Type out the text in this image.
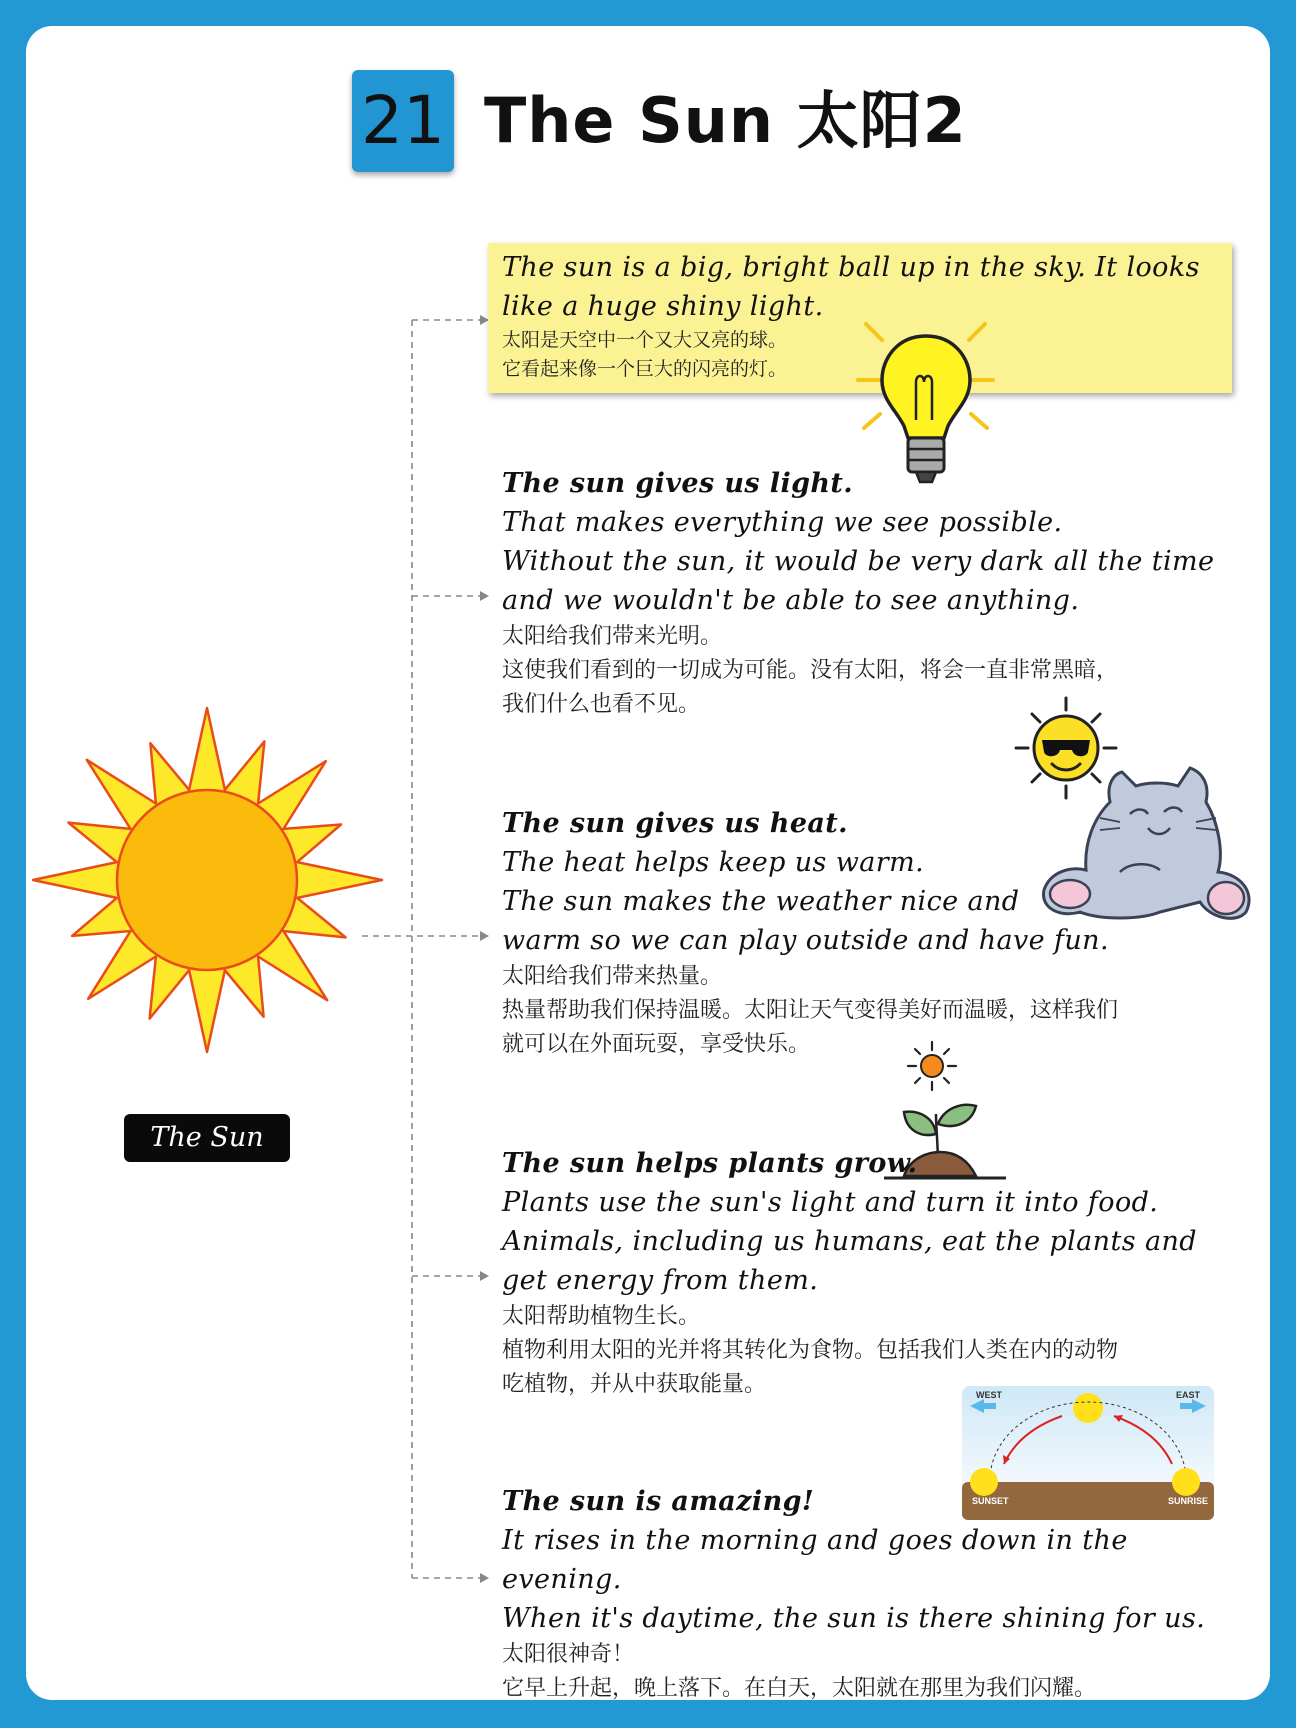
21 The Sun 太阳2
The Sun
The sun is a big, bright ball up in the sky. It looks
like a huge shiny light.
太阳是天空中一个又大又亮的球。
它看起来像一个巨大的闪亮的灯。
The sun gives us light.
That makes everything we see possible.
Without the sun, it would be very dark all the time
and we wouldn't be able to see anything.
太阳给我们带来光明。
这使我们看到的一切成为可能。没有太阳，将会一直非常黑暗，
我们什么也看不见。
The sun gives us heat.
The heat helps keep us warm.
The sun makes the weather nice and
warm so we can play outside and have fun.
太阳给我们带来热量。
热量帮助我们保持温暖。太阳让天气变得美好而温暖，这样我们
就可以在外面玩耍，享受快乐。
The sun helps plants grow.
Plants use the sun's light and turn it into food.
Animals, including us humans, eat the plants and
get energy from them.
太阳帮助植物生长。
植物利用太阳的光并将其转化为食物。包括我们人类在内的动物
吃植物，并从中获取能量。	WEST	EAST
SUNSET	SUNRISE
The sun is amazing!
It rises in the morning and goes down in the evening.
When it's daytime, the sun is there shining for us.
太阳很神奇！
它早上升起，晚上落下。在白天，太阳就在那里为我们闪耀。
